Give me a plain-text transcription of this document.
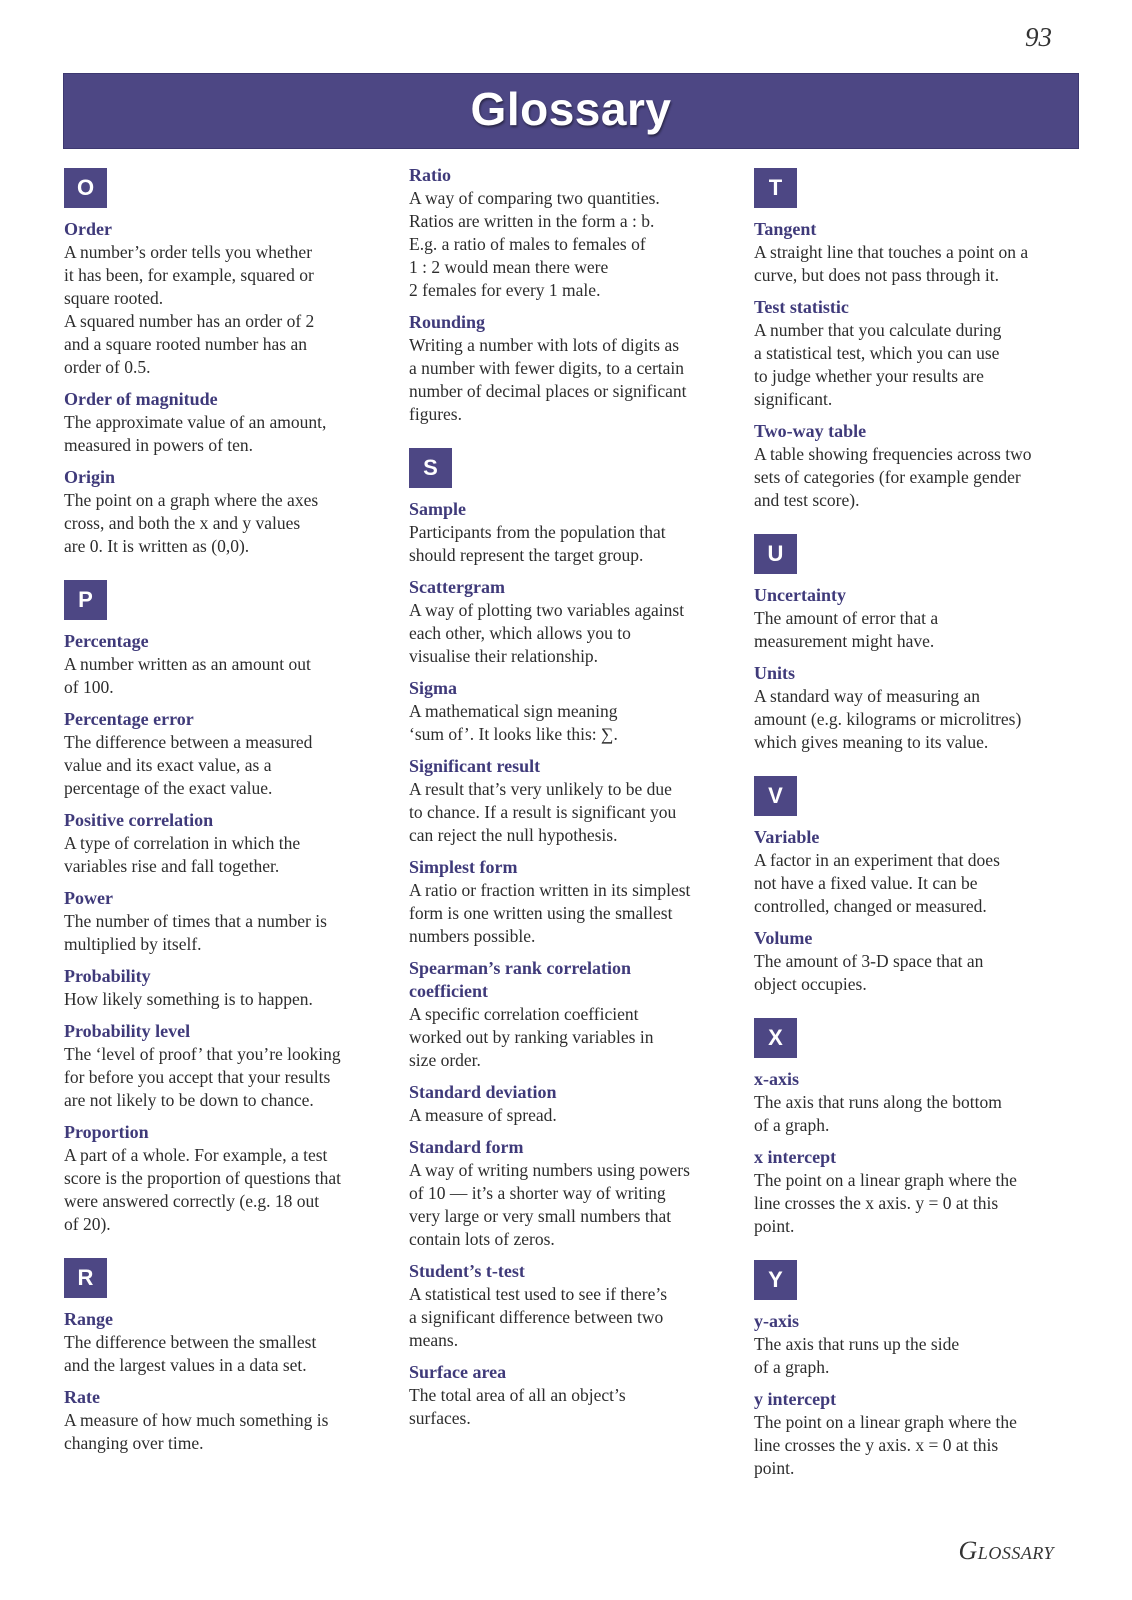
93
Glossary
O
Order
A number’s order tells you whether
it has been, for example, squared or
square rooted.
A squared number has an order of 2
and a square rooted number has an
order of 0.5.
Order of magnitude
The approximate value of an amount,
measured in powers of ten.
Origin
The point on a graph where the axes
cross, and both the x and y values
are 0. It is written as (0,0).
P
Percentage
A number written as an amount out
of 100.
Percentage error
The difference between a measured
value and its exact value, as a
percentage of the exact value.
Positive correlation
A type of correlation in which the
variables rise and fall together.
Power
The number of times that a number is
multiplied by itself.
Probability
How likely something is to happen.
Probability level
The ‘level of proof’ that you’re looking
for before you accept that your results
are not likely to be down to chance.
Proportion
A part of a whole. For example, a test
score is the proportion of questions that
were answered correctly (e.g. 18 out
of 20).
R
Range
The difference between the smallest
and the largest values in a data set.
Rate
A measure of how much something is
changing over time.
Ratio
A way of comparing two quantities.
Ratios are written in the form a : b.
E.g. a ratio of males to females of
1 : 2 would mean there were
2 females for every 1 male.
Rounding
Writing a number with lots of digits as
a number with fewer digits, to a certain
number of decimal places or significant
figures.
S
Sample
Participants from the population that
should represent the target group.
Scattergram
A way of plotting two variables against
each other, which allows you to
visualise their relationship.
Sigma
A mathematical sign meaning
‘sum of’. It looks like this: ∑.
Significant result
A result that’s very unlikely to be due
to chance. If a result is significant you
can reject the null hypothesis.
Simplest form
A ratio or fraction written in its simplest
form is one written using the smallest
numbers possible.
Spearman’s rank correlation
coefficient
A specific correlation coefficient
worked out by ranking variables in
size order.
Standard deviation
A measure of spread.
Standard form
A way of writing numbers using powers
of 10 — it’s a shorter way of writing
very large or very small numbers that
contain lots of zeros.
Student’s t-test
A statistical test used to see if there’s
a significant difference between two
means.
Surface area
The total area of all an object’s
surfaces.
T
Tangent
A straight line that touches a point on a
curve, but does not pass through it.
Test statistic
A number that you calculate during
a statistical test, which you can use
to judge whether your results are
significant.
Two-way table
A table showing frequencies across two
sets of categories (for example gender
and test score).
U
Uncertainty
The amount of error that a
measurement might have.
Units
A standard way of measuring an
amount (e.g. kilograms or microlitres)
which gives meaning to its value.
V
Variable
A factor in an experiment that does
not have a fixed value. It can be
controlled, changed or measured.
Volume
The amount of 3-D space that an
object occupies.
X
x-axis
The axis that runs along the bottom
of a graph.
x intercept
The point on a linear graph where the
line crosses the x axis. y = 0 at this
point.
Y
y-axis
The axis that runs up the side
of a graph.
y intercept
The point on a linear graph where the
line crosses the y axis. x = 0 at this
point.
Glossary
